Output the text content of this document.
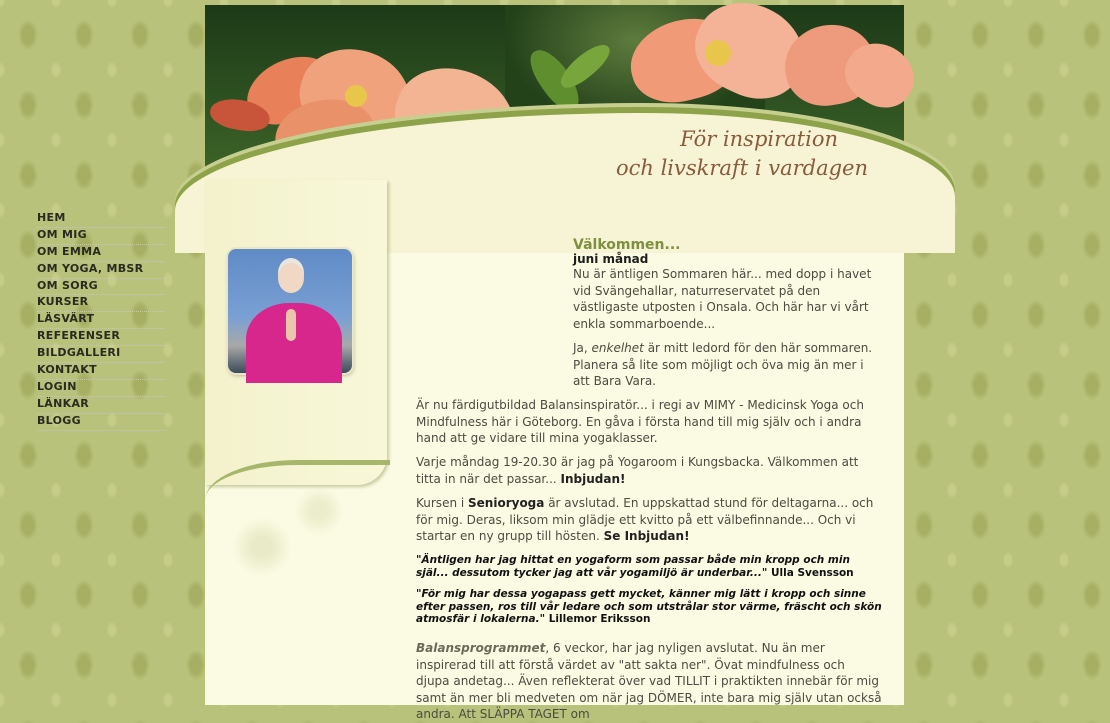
För inspiration
och livskraft i vardagen
HEM
OM MIG
OM EMMA
OM YOGA, MBSR
OM SORG
KURSER
LÄSVÄRT
REFERENSER
BILDGALLERI
KONTAKT
LOGIN
LÄNKAR
BLOGG
Välkommen...
juni månad

Nu är äntligen Sommaren här... med dopp i havet vid Svängehallar, naturreservatet på den västligaste utposten i Onsala. Och här har vi vårt enkla sommarboende...

Ja, enkelhet är mitt ledord för den här sommaren. Planera så lite som möjligt och öva mig än mer i att Bara Vara.

Är nu färdigutbildad Balansinspiratör... i regi av MIMY - Medicinsk Yoga och Mindfulness här i Göteborg. En gåva i första hand till mig själv och i andra hand att ge vidare till mina yogaklasser.
Varje måndag 19-20.30 är jag på Yogaroom i Kungsbacka. Välkommen att titta in när det passar... Inbjudan!
Kursen i Senioryoga är avslutad. En uppskattad stund för deltagarna... och för mig. Deras, liksom min glädje ett kvitto på ett välbefinnande... Och vi startar en ny grupp till hösten. Se Inbjudan!
"Äntligen har jag hittat en yogaform som passar både min kropp och min själ... dessutom tycker jag att vår yogamiljö är underbar..." Ulla Svensson
"För mig har dessa yogapass gett mycket, känner mig lätt i kropp och sinne efter passen, ros till vår ledare och som utstrålar stor värme, fräscht och skön atmosfär i lokalerna." Lillemor Eriksson
Balansprogrammet, 6 veckor, har jag nyligen avslutat. Nu än mer inspirerad till att förstå värdet av "att sakta ner". Övat mindfulness och djupa andetag... Även reflekterat över vad TILLIT i praktikten innebär för mig samt än mer bli medveten om när jag DÖMER, inte bara mig själv utan också andra. Att SLÄPPA TAGET om
